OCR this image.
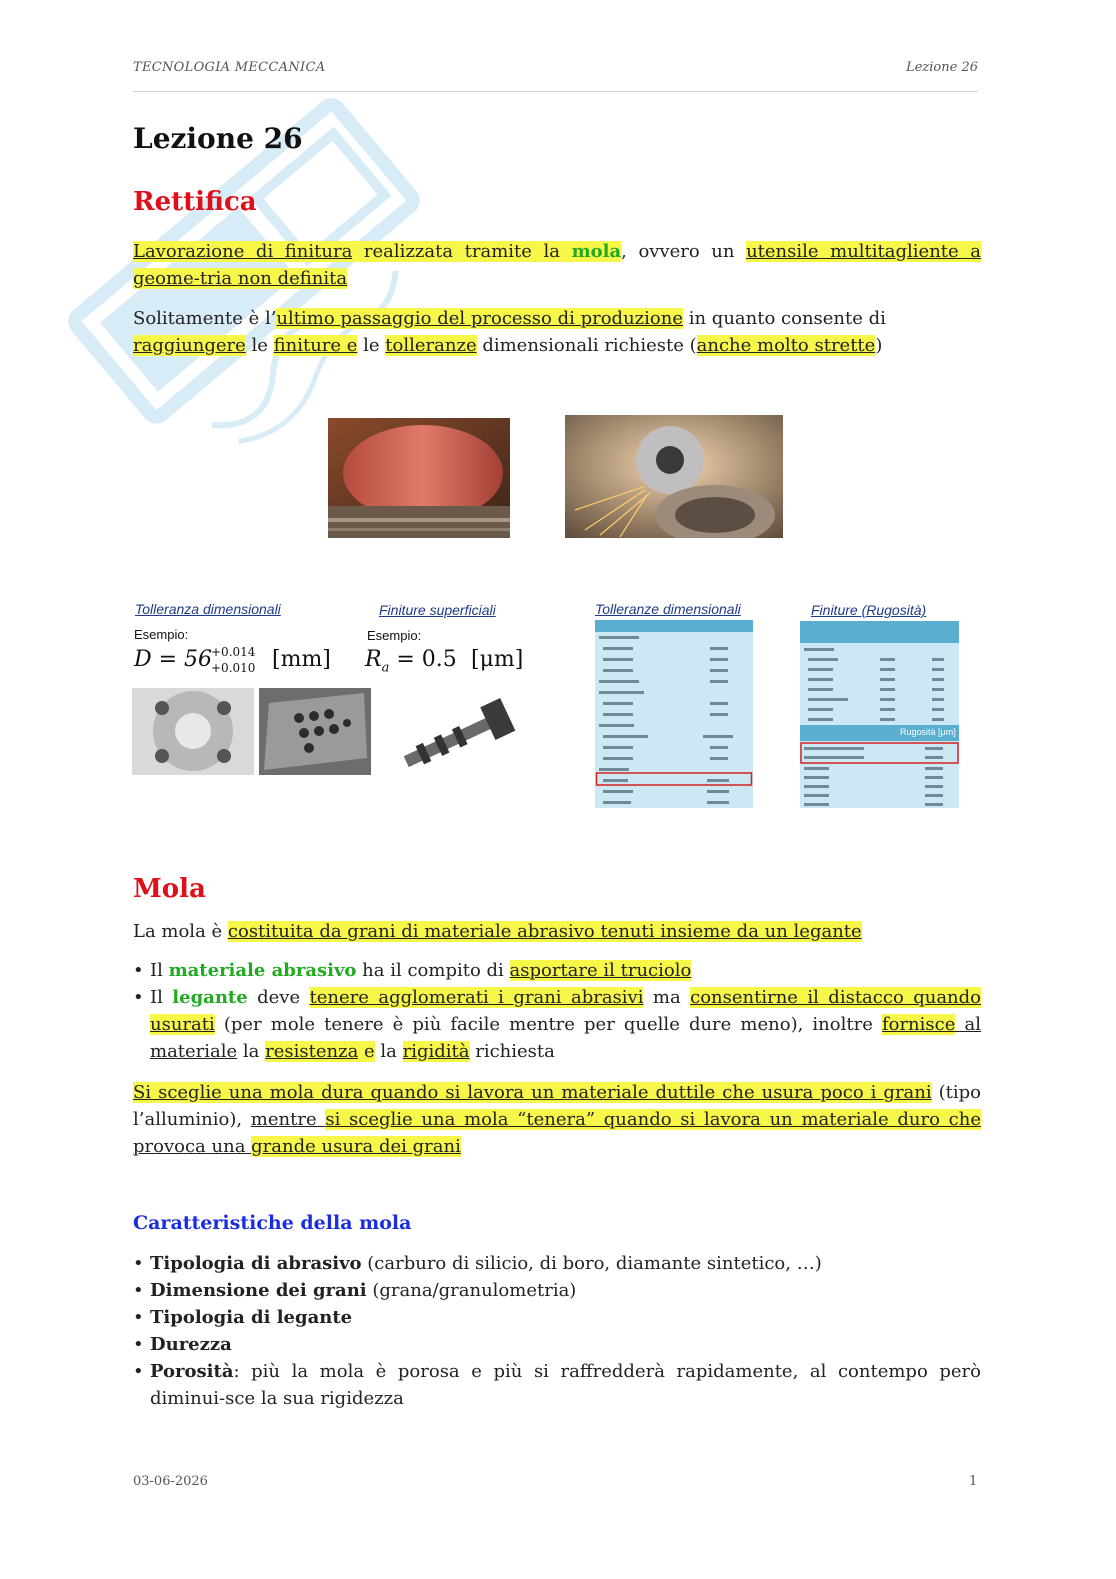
TECNOLOGIA MECCANICA	Lezione 26
Lezione 26
Rettifica
Lavorazione di finitura realizzata tramite la mola, ovvero un utensile multitagliente a geome-tria non definita
Solitamente è l’ultimo passaggio del processo di produzione in quanto consente di raggiungere le finiture e le tolleranze dimensionali richieste (anche molto strette)
Tolleranza dimensionali	Finiture superficiali
Esempio:	Esempio:
D = 56
+0.014
+0.010 [mm] $R_a = 0.5$ [μm]
Tolleranze dimensionali	Finiture (Rugosità)
Rugosità [μm]
Mola
La mola è costituita da grani di materiale abrasivo tenuti insieme da un legante
• Il materiale abrasivo ha il compito di asportare il truciolo
• Il legante deve tenere agglomerati i grani abrasivi ma consentirne il distacco quando usurati (per mole tenere è più facile mentre per quelle dure meno), inoltre fornisce al materiale la resistenza e la rigidità richiesta
Si sceglie una mola dura quando si lavora un materiale duttile che usura poco i grani (tipo l’alluminio), mentre si sceglie una mola “tenera” quando si lavora un materiale duro che provoca una grande usura dei grani
Caratteristiche della mola
• Tipologia di abrasivo (carburo di silicio, di boro, diamante sintetico, …)
• Dimensione dei grani (grana/granulometria)
• Tipologia di legante
• Durezza
• Porosità: più la mola è porosa e più si raffredderà rapidamente, al contempo però diminui-sce la sua rigidezza
03-06-2026	1
